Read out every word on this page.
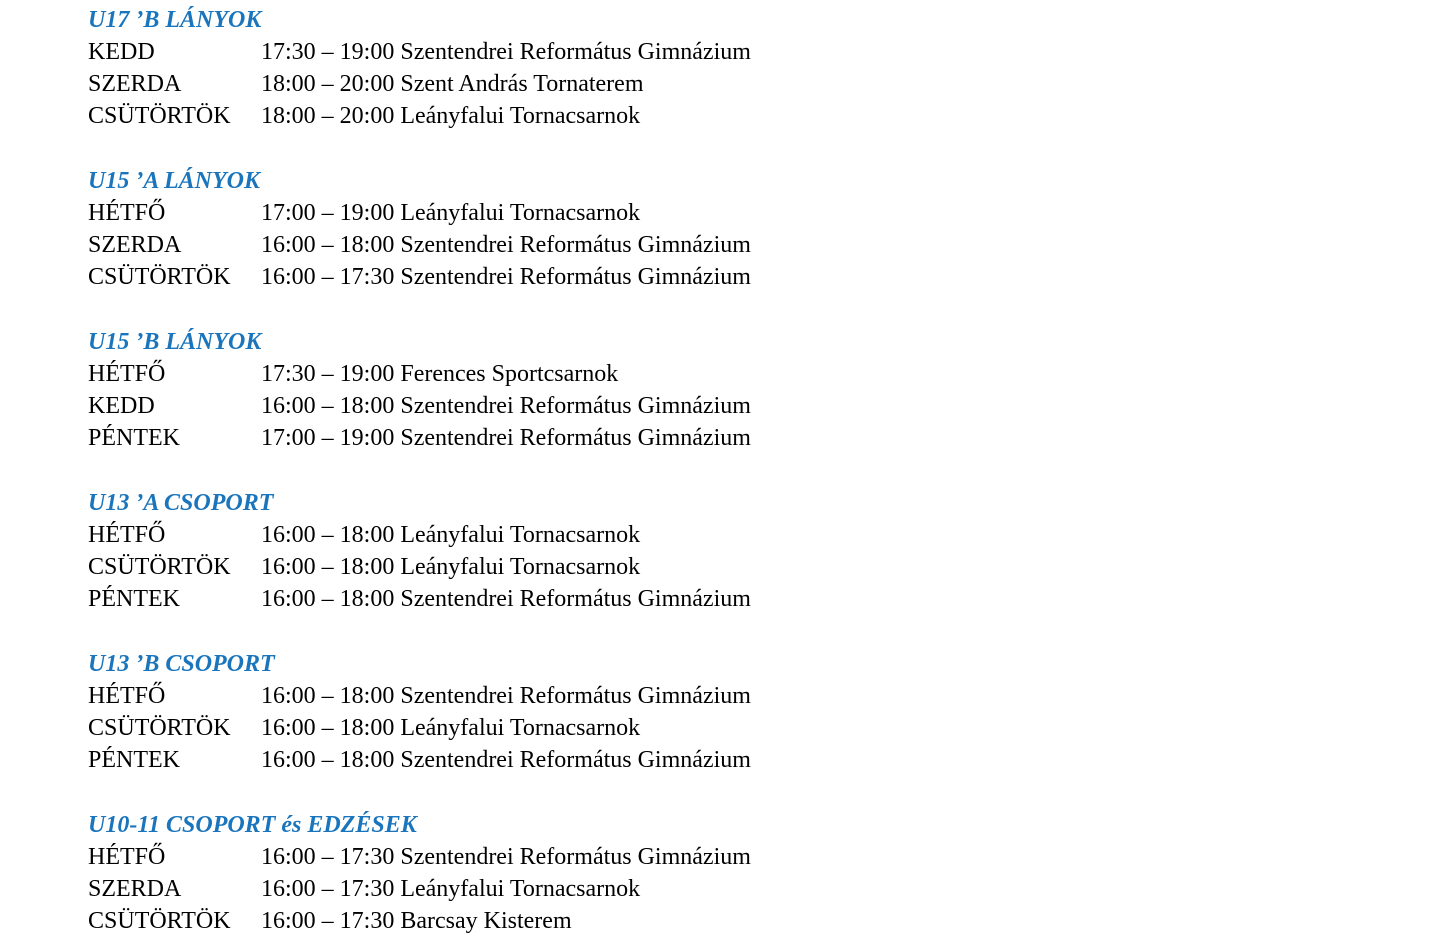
U17 ’B LÁNYOK
KEDD	17:30 – 19:00 Szentendrei Református Gimnázium
SZERDA	18:00 – 20:00 Szent András Tornaterem
CSÜTÖRTÖK	18:00 – 20:00 Leányfalui Tornacsarnok
U15 ’A LÁNYOK
HÉTFŐ	17:00 – 19:00 Leányfalui Tornacsarnok
SZERDA	16:00 – 18:00 Szentendrei Református Gimnázium
CSÜTÖRTÖK	16:00 – 17:30 Szentendrei Református Gimnázium
U15 ’B LÁNYOK
HÉTFŐ	17:30 – 19:00 Ferences Sportcsarnok
KEDD	16:00 – 18:00 Szentendrei Református Gimnázium
PÉNTEK	17:00 – 19:00 Szentendrei Református Gimnázium
U13 ’A CSOPORT
HÉTFŐ	16:00 – 18:00 Leányfalui Tornacsarnok
CSÜTÖRTÖK	16:00 – 18:00 Leányfalui Tornacsarnok
PÉNTEK	16:00 – 18:00 Szentendrei Református Gimnázium
U13 ’B CSOPORT
HÉTFŐ	16:00 – 18:00 Szentendrei Református Gimnázium
CSÜTÖRTÖK	16:00 – 18:00 Leányfalui Tornacsarnok
PÉNTEK	16:00 – 18:00 Szentendrei Református Gimnázium
U10-11 CSOPORT és EDZÉSEK
HÉTFŐ	16:00 – 17:30 Szentendrei Református Gimnázium
SZERDA	16:00 – 17:30 Leányfalui Tornacsarnok
CSÜTÖRTÖK	16:00 – 17:30 Barcsay Kisterem
